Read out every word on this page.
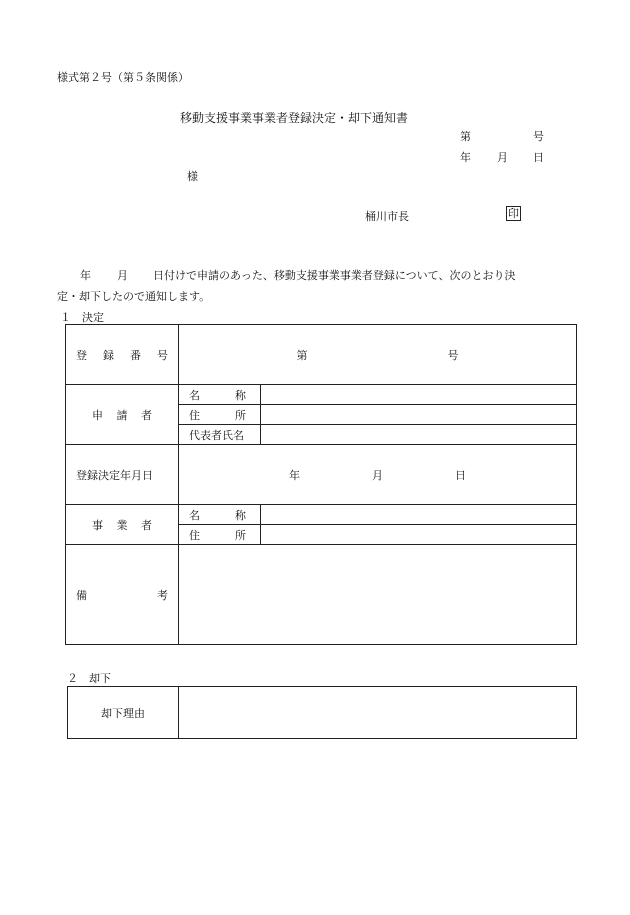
様式第２号（第５条関係）
移動支援事業事業者登録決定・却下通知書
第	号
年 月 日
様
桶川市長	印
年 月 日付けで申請のあった、移動支援事業事業者登録について、次のとおり決
定・却下したので通知します。
１　決定
登 録 番 号	第 号	

申 請 者	名 称	

	住 所	

	代表者氏名	

登録決定年月日	年 月 日	

事 業 者	名 称	

	住 所	

備 考		

２　却下
却下理由	
